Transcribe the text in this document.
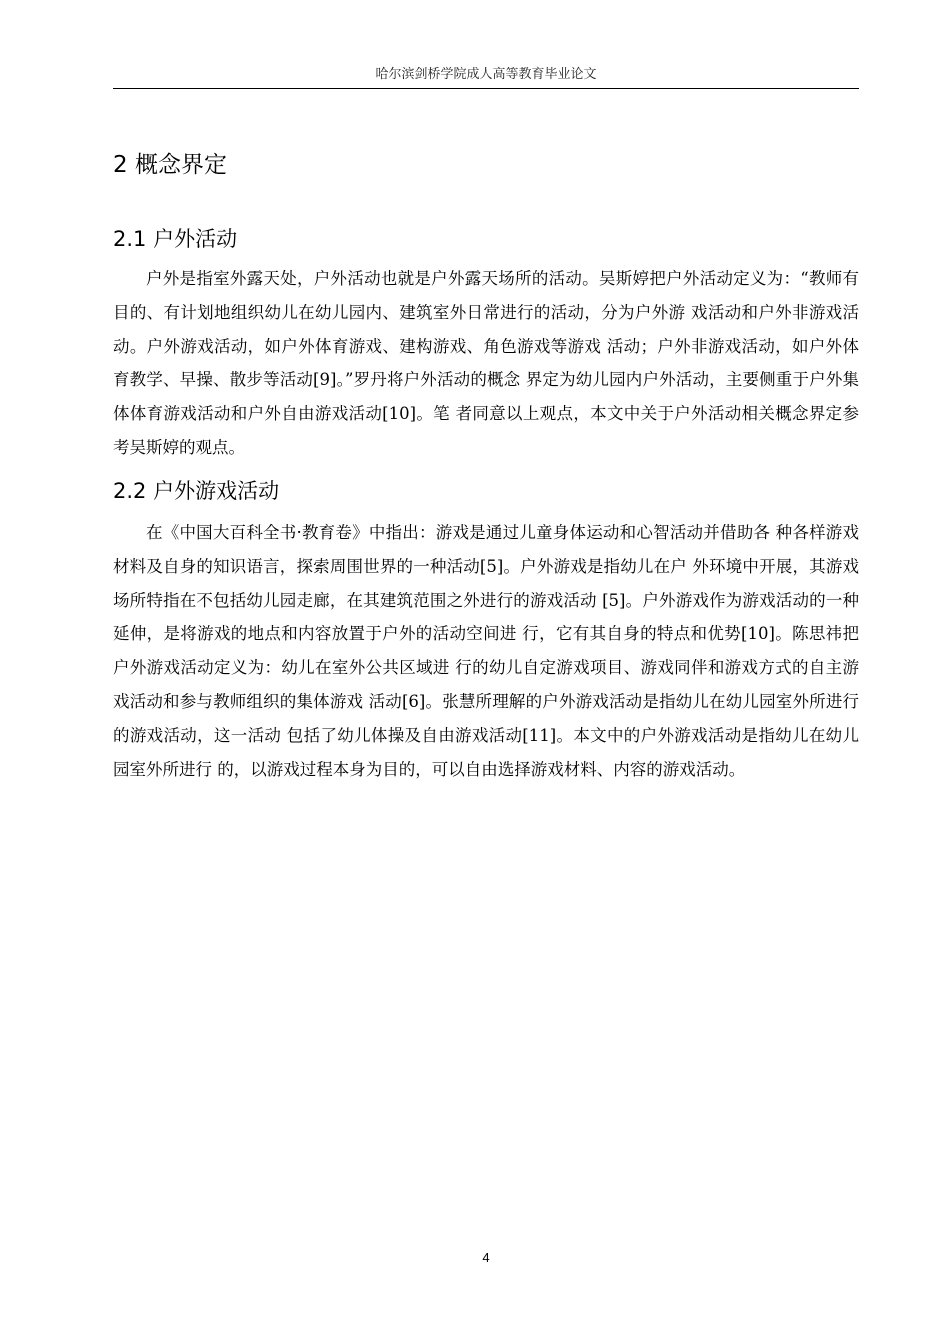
哈尔滨剑桥学院成人高等教育毕业论文
2 概念界定
2.1 户外活动

户外是指室外露天处，户外活动也就是户外露天场所的活动。吴斯婷把户外活动定义为：“教师有目的、有计划地组织幼儿在幼儿园内、建筑室外日常进行的活动，分为户外游 戏活动和户外非游戏活动。户外游戏活动，如户外体育游戏、建构游戏、角色游戏等游戏 活动；户外非游戏活动，如户外体育教学、早操、散步等活动[9]。”罗丹将户外活动的概念 界定为幼儿园内户外活动，主要侧重于户外集体体育游戏活动和户外自由游戏活动[10]。笔 者同意以上观点，本文中关于户外活动相关概念界定参考吴斯婷的观点。

2.2 户外游戏活动

在《中国大百科全书·教育卷》中指出：游戏是通过儿童身体运动和心智活动并借助各 种各样游戏材料及自身的知识语言，探索周围世界的一种活动[5]。户外游戏是指幼儿在户 外环境中开展，其游戏场所特指在不包括幼儿园走廊，在其建筑范围之外进行的游戏活动 [5]。户外游戏作为游戏活动的一种延伸，是将游戏的地点和内容放置于户外的活动空间进 行，它有其自身的特点和优势[10]。陈思祎把户外游戏活动定义为：幼儿在室外公共区域进 行的幼儿自定游戏项目、游戏同伴和游戏方式的自主游戏活动和参与教师组织的集体游戏 活动[6]。张慧所理解的户外游戏活动是指幼儿在幼儿园室外所进行的游戏活动，这一活动 包括了幼儿体操及自由游戏活动[11]。本文中的户外游戏活动是指幼儿在幼儿园室外所进行 的，以游戏过程本身为目的，可以自由选择游戏材料、内容的游戏活动。

4
